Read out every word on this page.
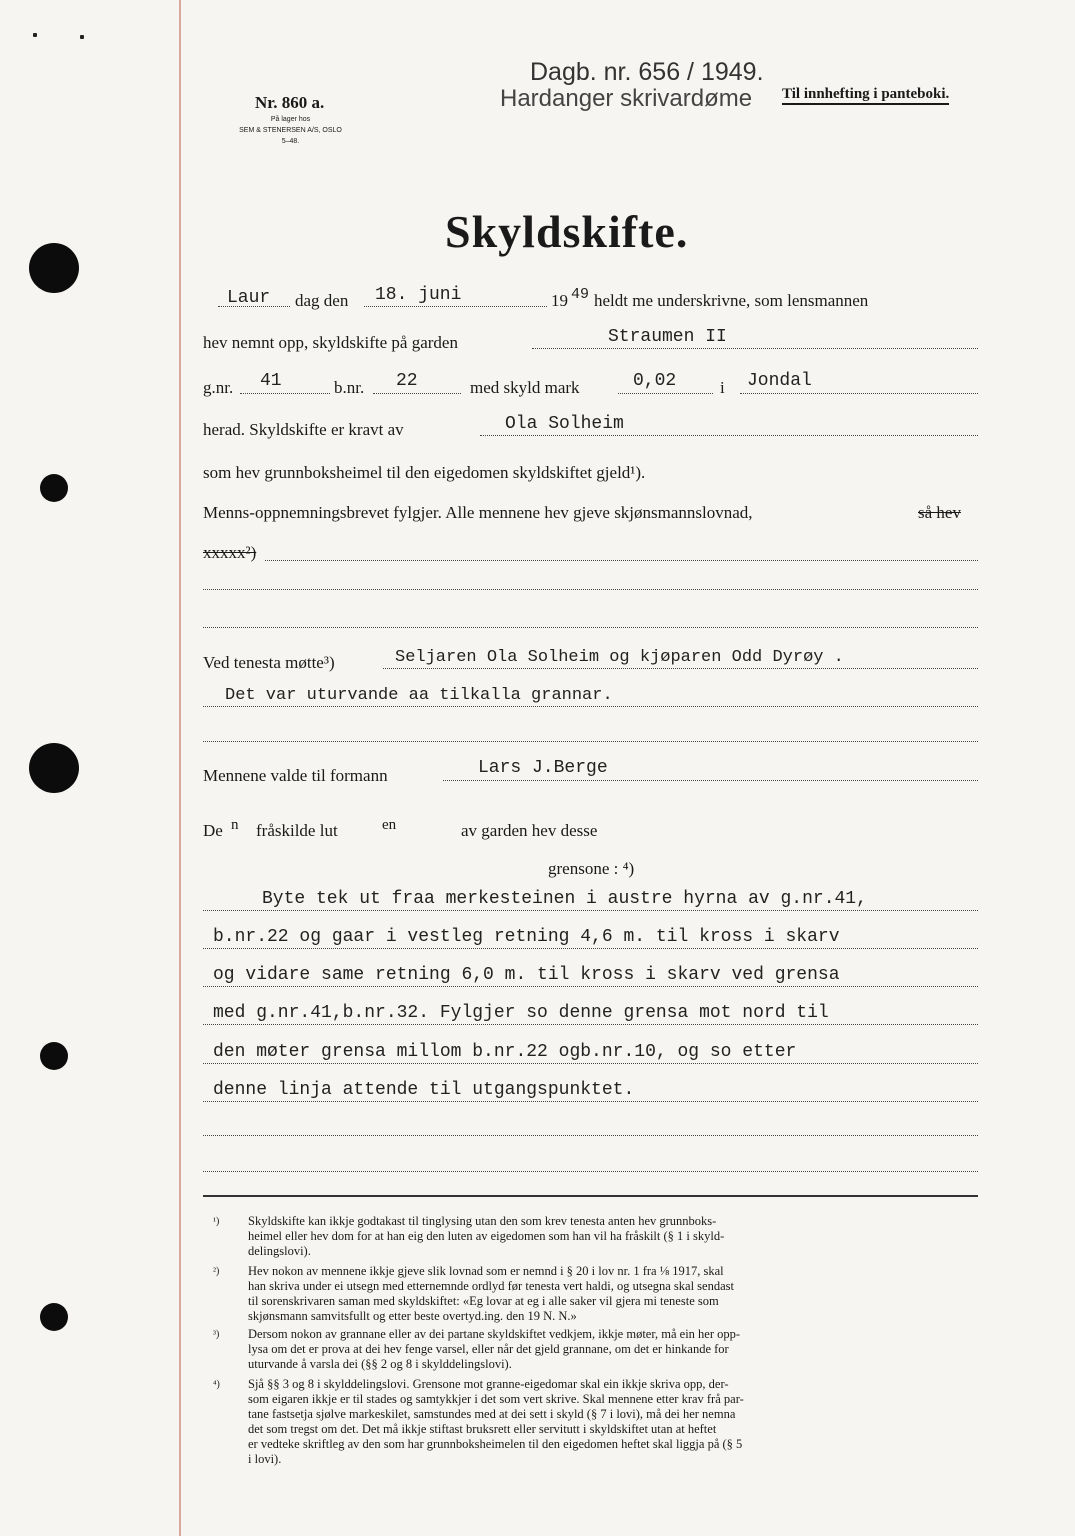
Nr. 860 a.
På lager hos
SEM & STENERSEN A/S, OSLO
5–48.
Dagb. nr. 656 / 1949.
Hardanger skrivardøme Til innhefting i panteboki.
Skyldskifte.
Laur dag den 18. juni	19 49 heldt me underskrivne, som lensmannen
hev nemnt opp, skyldskifte på garden	Straumen II
g.nr. 41	b.nr. 22	med skyld mark	0,02	i Jondal
herad. Skyldskifte er kravt av	Ola Solheim
som hev grunnboksheimel til den eigedomen skyldskiftet gjeld¹).
Menns-oppnemningsbrevet fylgjer. Alle mennene hev gjeve skjønsmannslovnad,	så hev
xxxxx²)
Ved tenesta møtte³)	Seljaren Ola Solheim og kjøparen Odd Dyrøy .
Det var uturvande aa tilkalla grannar.
Mennene valde til formann	Lars J.Berge
De n fråskilde lut	en	av garden hev desse
grensone : ⁴)
Byte tek ut fraa merkesteinen i austre hyrna av g.nr.41,
b.nr.22 og gaar i vestleg retning 4,6 m. til kross i skarv
og vidare same retning 6,0 m. til kross i skarv ved grensa
med g.nr.41,b.nr.32. Fylgjer so denne grensa mot nord til
den møter grensa millom b.nr.22 ogb.nr.10, og so etter
denne linja attende til utgangspunktet.
¹) Skyldskifte kan ikkje godtakast til tinglysing utan den som krev tenesta anten hev grunnboks-
heimel eller hev dom for at han eig den luten av eigedomen som han vil ha fråskilt (§ 1 i skyld-
delingslovi).
²) Hev nokon av mennene ikkje gjeve slik lovnad som er nemnd i § 20 i lov nr. 1 fra ⅛ 1917, skal
han skriva under ei utsegn med etternemnde ordlyd før tenesta vert haldi, og utsegna skal sendast
til sorenskrivaren saman med skyldskiftet: «Eg lovar at eg i alle saker vil gjera mi teneste som
skjønsmann samvitsfullt og etter beste overtyd.ing. den 19 N. N.»
³) Dersom nokon av grannane eller av dei partane skyldskiftet vedkjem, ikkje møter, må ein her opp-
lysa om det er prova at dei hev fenge varsel, eller når det gjeld grannane, om det er hinkande for
uturvande å varsla dei (§§ 2 og 8 i skylddelingslovi).
⁴) Sjå §§ 3 og 8 i skylddelingslovi. Grensone mot granne-eigedomar skal ein ikkje skriva opp, der-
som eigaren ikkje er til stades og samtykkjer i det som vert skrive. Skal mennene etter krav frå par-
tane fastsetja sjølve markeskilet, samstundes med at dei sett i skyld (§ 7 i lovi), må dei her nemna
det som tregst om det. Det må ikkje stiftast bruksrett eller servitutt i skyldskiftet utan at heftet
er vedteke skriftleg av den som har grunnboksheimelen til den eigedomen heftet skal liggja på (§ 5
i lovi).
